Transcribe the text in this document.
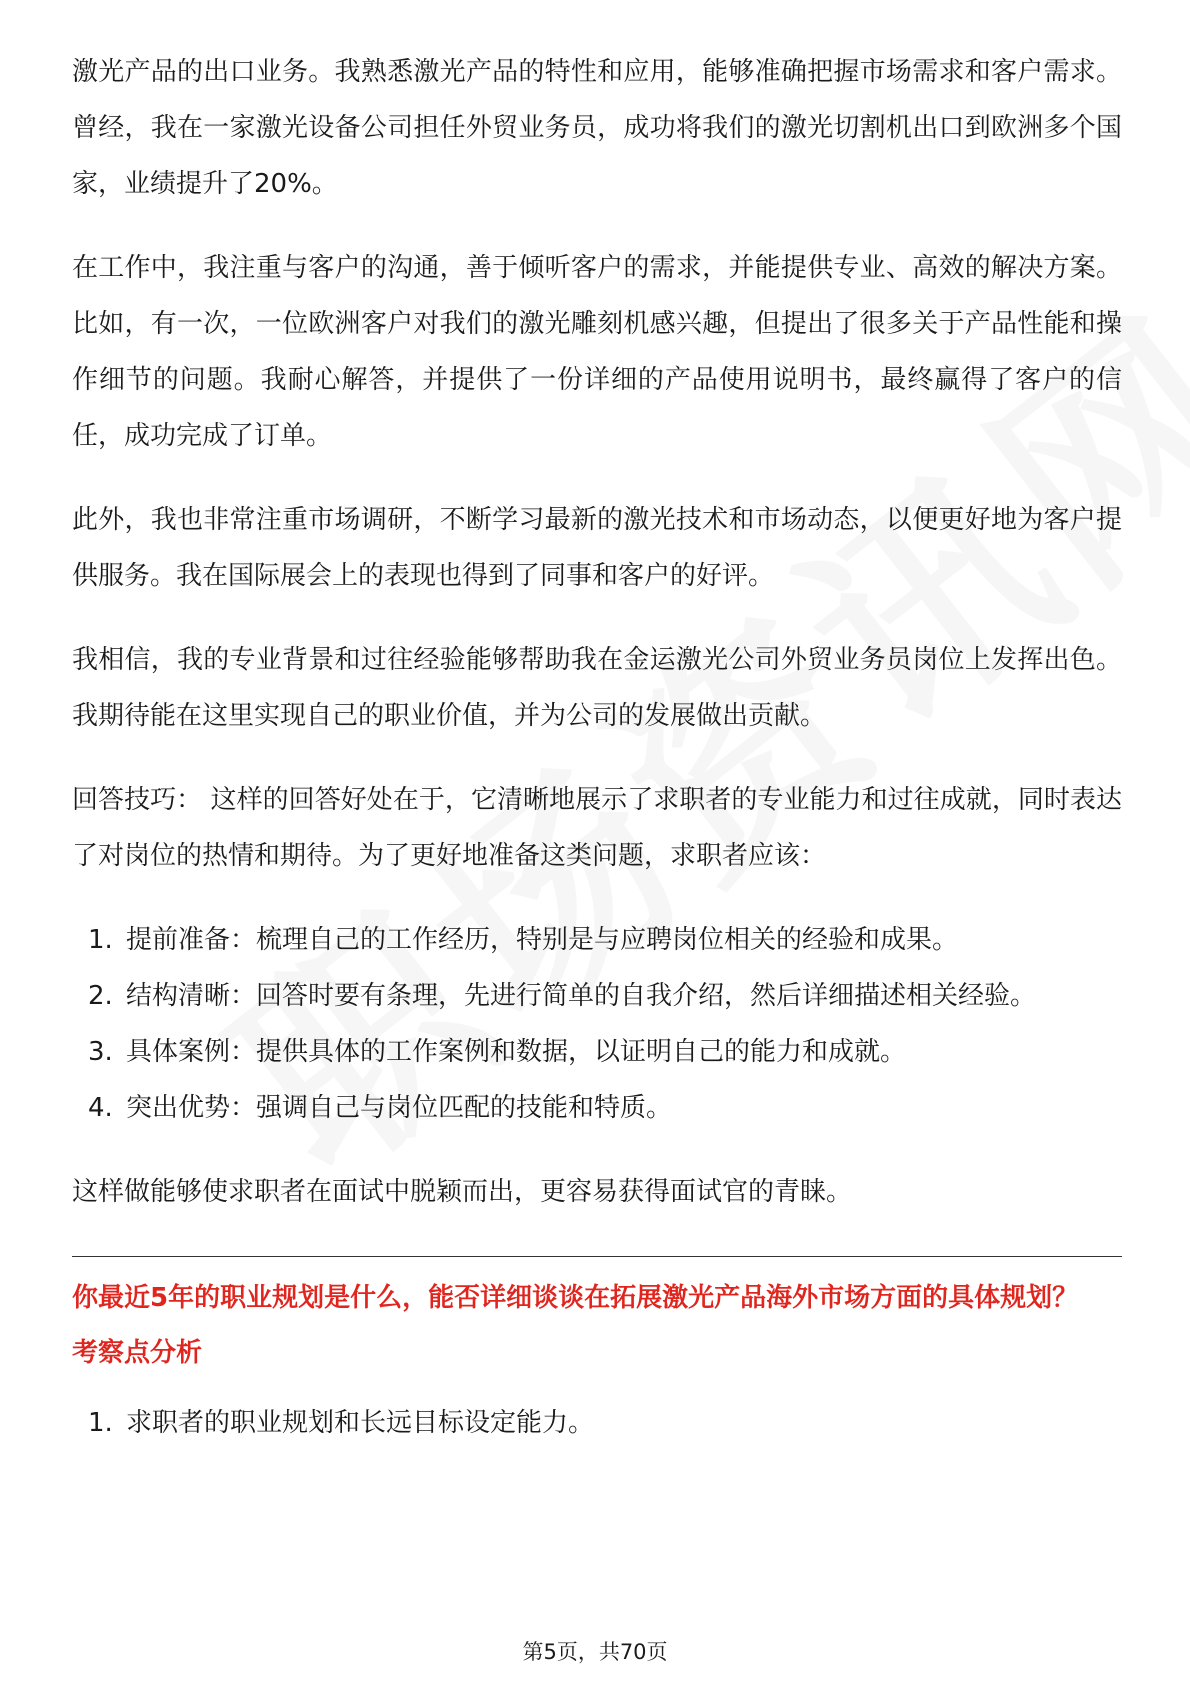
激光产品的出口业务。我熟悉激光产品的特性和应用，能够准确把握市场需求和客户需求。曾经，我在一家激光设备公司担任外贸业务员，成功将我们的激光切割机出口到欧洲多个国家，业绩提升了20%。

在工作中，我注重与客户的沟通，善于倾听客户的需求，并能提供专业、高效的解决方案。比如，有一次，一位欧洲客户对我们的激光雕刻机感兴趣，但提出了很多关于产品性能和操作细节的问题。我耐心解答，并提供了一份详细的产品使用说明书，最终赢得了客户的信任，成功完成了订单。

此外，我也非常注重市场调研，不断学习最新的激光技术和市场动态，以便更好地为客户提供服务。我在国际展会上的表现也得到了同事和客户的好评。

我相信，我的专业背景和过往经验能够帮助我在金运激光公司外贸业务员岗位上发挥出色。我期待能在这里实现自己的职业价值，并为公司的发展做出贡献。

回答技巧： 这样的回答好处在于，它清晰地展示了求职者的专业能力和过往成就，同时表达了对岗位的热情和期待。为了更好地准备这类问题，求职者应该：

1. 提前准备：梳理自己的工作经历，特别是与应聘岗位相关的经验和成果。
2. 结构清晰：回答时要有条理，先进行简单的自我介绍，然后详细描述相关经验。
3. 具体案例：提供具体的工作案例和数据，以证明自己的能力和成就。
4. 突出优势：强调自己与岗位匹配的技能和特质。

这样做能够使求职者在面试中脱颖而出，更容易获得面试官的青睐。

你最近5年的职业规划是什么，能否详细谈谈在拓展激光产品海外市场方面的具体规划？
考察点分析
1. 求职者的职业规划和长远目标设定能力。
第5页，共70页
